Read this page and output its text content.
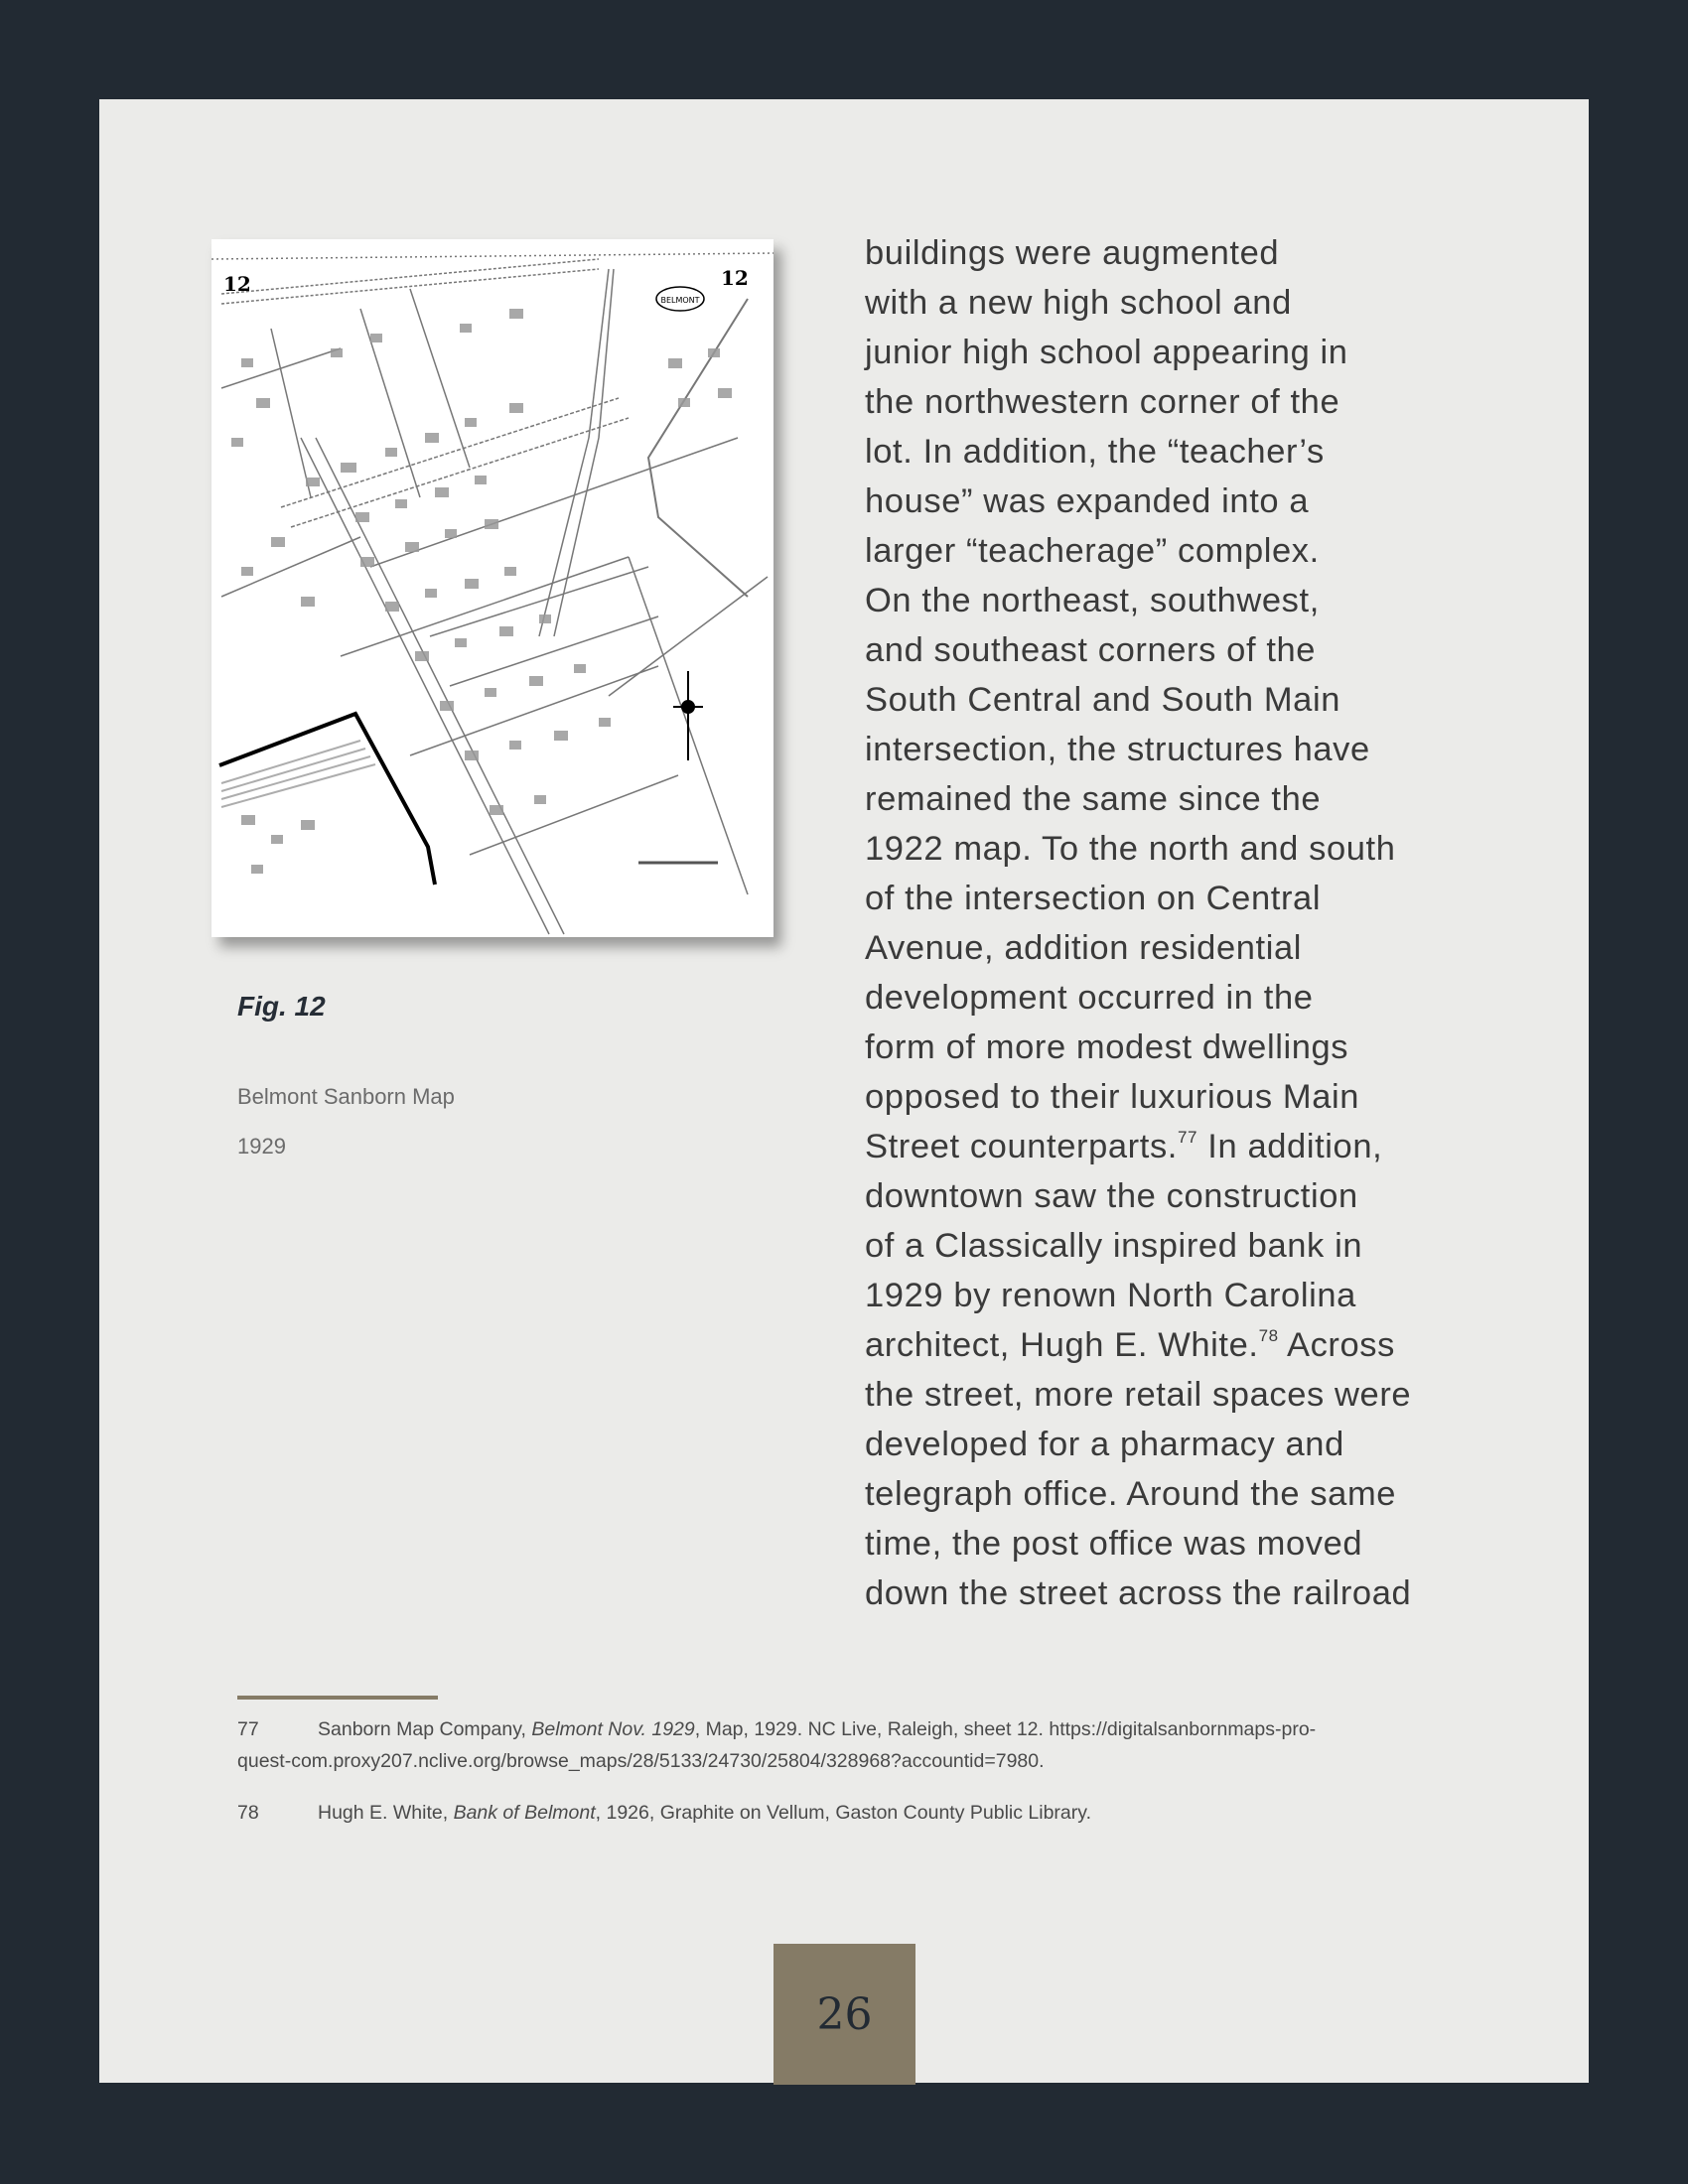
12	12
BELMONT
Fig. 12
Belmont Sanborn Map
1929
buildings were augmented
with a new high school and
junior high school appearing in
the northwestern corner of the
lot. In addition, the “teacher’s
house” was expanded into a
larger “teacherage” complex.
On the northeast, southwest,
and southeast corners of the
South Central and South Main
intersection, the structures have
remained the same since the
1922 map. To the north and south
of the intersection on Central
Avenue, addition residential
development occurred in the
form of more modest dwellings
opposed to their luxurious Main
Street counterparts.$^{77}$ In addition,
downtown saw the construction
of a Classically inspired bank in
1929 by renown North Carolina
architect, Hugh E. White.$^{78}$ Across
the street, more retail spaces were
developed for a pharmacy and
telegraph office. Around the same
time, the post office was moved
down the street across the railroad
77	Sanborn Map Company, Belmont Nov. 1929, Map, 1929. NC Live, Raleigh, sheet 12. https://digitalsanbornmaps-pro-
quest-com.proxy207.nclive.org/browse_maps/28/5133/24730/25804/328968?accountid=7980.
78	Hugh E. White, Bank of Belmont, 1926, Graphite on Vellum, Gaston County Public Library.
26
